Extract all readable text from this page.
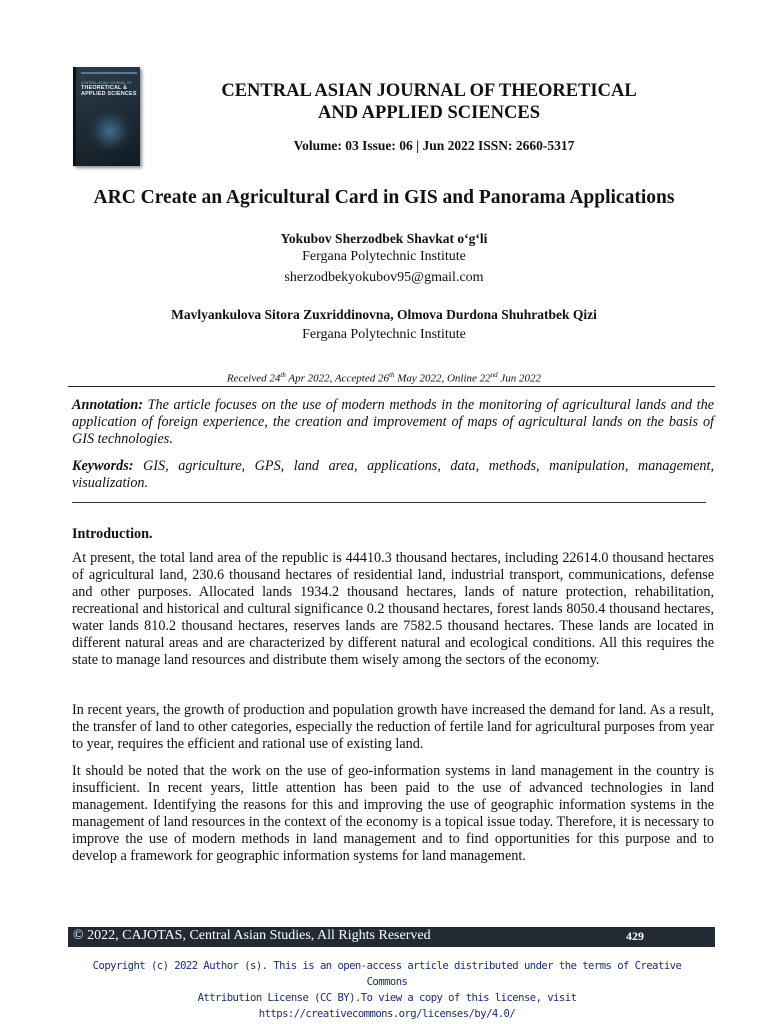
CENTRAL ASIAN JOURNAL OF
THEORETICAL & APPLIED SCIENCES	CENTRAL ASIAN JOURNAL OF THEORETICAL
AND APPLIED SCIENCES
Volume: 03 Issue: 06 | Jun 2022 ISSN: 2660-5317
ARC Create an Agricultural Card in GIS and Panorama Applications
Yokubov Sherzodbek Shavkat o‘g‘li
Fergana Polytechnic Institute
sherzodbekyokubov95@gmail.com
Mavlyankulova Sitora Zuxriddinovna, Olmova Durdona Shuhratbek Qizi
Fergana Polytechnic Institute
Received 24th Apr 2022, Accepted 26th May 2022, Online 22nd Jun 2022
Annotation: The article focuses on the use of modern methods in the monitoring of agricultural lands and the application of foreign experience, the creation and improvement of maps of agricultural lands on the basis of GIS technologies.
Keywords: GIS, agriculture, GPS, land area, applications, data, methods, manipulation, management, visualization.
Introduction.
At present, the total land area of the republic is 44410.3 thousand hectares, including 22614.0 thousand hectares of agricultural land, 230.6 thousand hectares of residential land, industrial transport, communications, defense and other purposes. Allocated lands 1934.2 thousand hectares, lands of nature protection, rehabilitation, recreational and historical and cultural significance 0.2 thousand hectares, forest lands 8050.4 thousand hectares, water lands 810.2 thousand hectares, reserves lands are 7582.5 thousand hectares. These lands are located in different natural areas and are characterized by different natural and ecological conditions. All this requires the state to manage land resources and distribute them wisely among the sectors of the economy.
In recent years, the growth of production and population growth have increased the demand for land. As a result, the transfer of land to other categories, especially the reduction of fertile land for agricultural purposes from year to year, requires the efficient and rational use of existing land.
It should be noted that the work on the use of geo-information systems in land management in the country is insufficient. In recent years, little attention has been paid to the use of advanced technologies in land management. Identifying the reasons for this and improving the use of geographic information systems in the management of land resources in the context of the economy is a topical issue today. Therefore, it is necessary to improve the use of modern methods in land management and to find opportunities for this purpose and to develop a framework for geographic information systems for land management.
© 2022, CAJOTAS, Central Asian Studies, All Rights Reserved	429
Copyright (c) 2022 Author (s). This is an open-access article distributed under the terms of Creative Commons
Attribution License (CC BY).To view a copy of this license, visit https://creativecommons.org/licenses/by/4.0/
